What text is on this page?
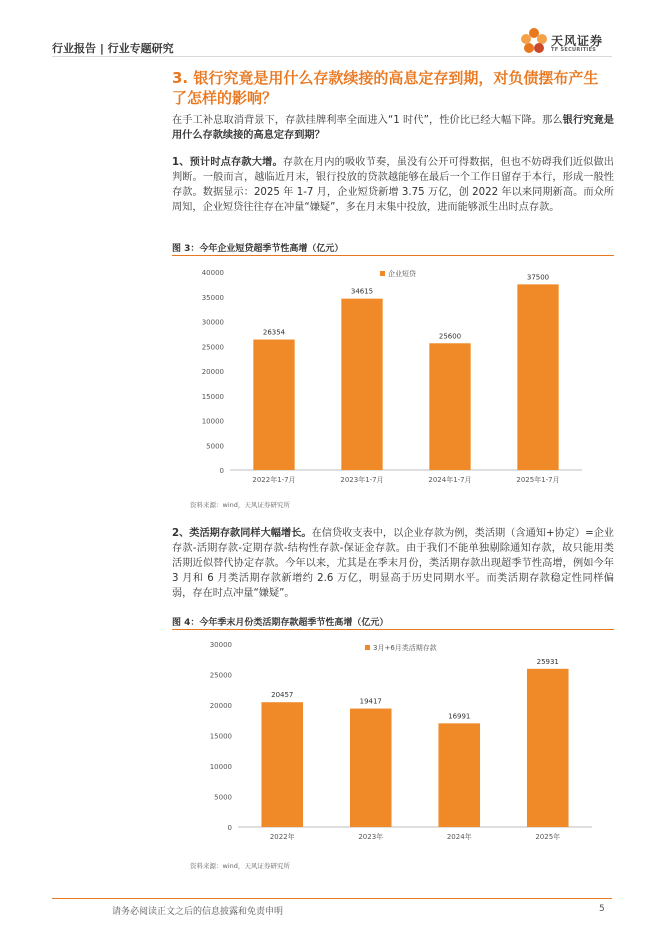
行业报告 | 行业专题研究
天风证券
TF SECURITIES
3. 银行究竟是用什么存款续接的高息定存到期，对负债摆布产生
了怎样的影响？
在手工补息取消背景下，存款挂牌利率全面进入“1 时代”，性价比已经大幅下降。那么银行究竟是用什么存款续接的高息定存到期？
1、预计时点存款大增。存款在月内的吸收节奏，虽没有公开可得数据，但也不妨碍我们近似做出判断。一般而言，越临近月末，银行投放的贷款越能够在最后一个工作日留存于本行，形成一般性存款。数据显示：2025 年 1-7 月，企业短贷新增 3.75 万亿，创 2022 年以来同期新高。而众所周知，企业短贷往往存在冲量“嫌疑”，多在月末集中投放，进而能够派生出时点存款。
图 3：今年企业短贷超季节性高增（亿元）
0
5000
10000
15000
20000
25000
30000
35000
40000
26354
2022年1-7月
34615
2023年1-7月
25600
2024年1-7月
37500
2025年1-7月
企业短贷
资料来源：wind，天风证券研究所
2、类活期存款同样大幅增长。在信贷收支表中，以企业存款为例，类活期（含通知+协定）=企业存款-活期存款-定期存款-结构性存款-保证金存款。由于我们不能单独剔除通知存款，故只能用类活期近似替代协定存款。今年以来，尤其是在季末月份，类活期存款出现超季节性高增，例如今年 3 月和 6 月类活期存款新增约 2.6 万亿，明显高于历史同期水平。而类活期存款稳定性同样偏弱，存在时点冲量“嫌疑”。
图 4：今年季末月份类活期存款超季节性高增（亿元）
0
5000
10000
15000
20000
25000
30000
20457
2022年
19417
2023年
16991
2024年
25931
2025年
3月+6月类活期存款
资料来源：wind，天风证券研究所
请务必阅读正文之后的信息披露和免责申明	5
